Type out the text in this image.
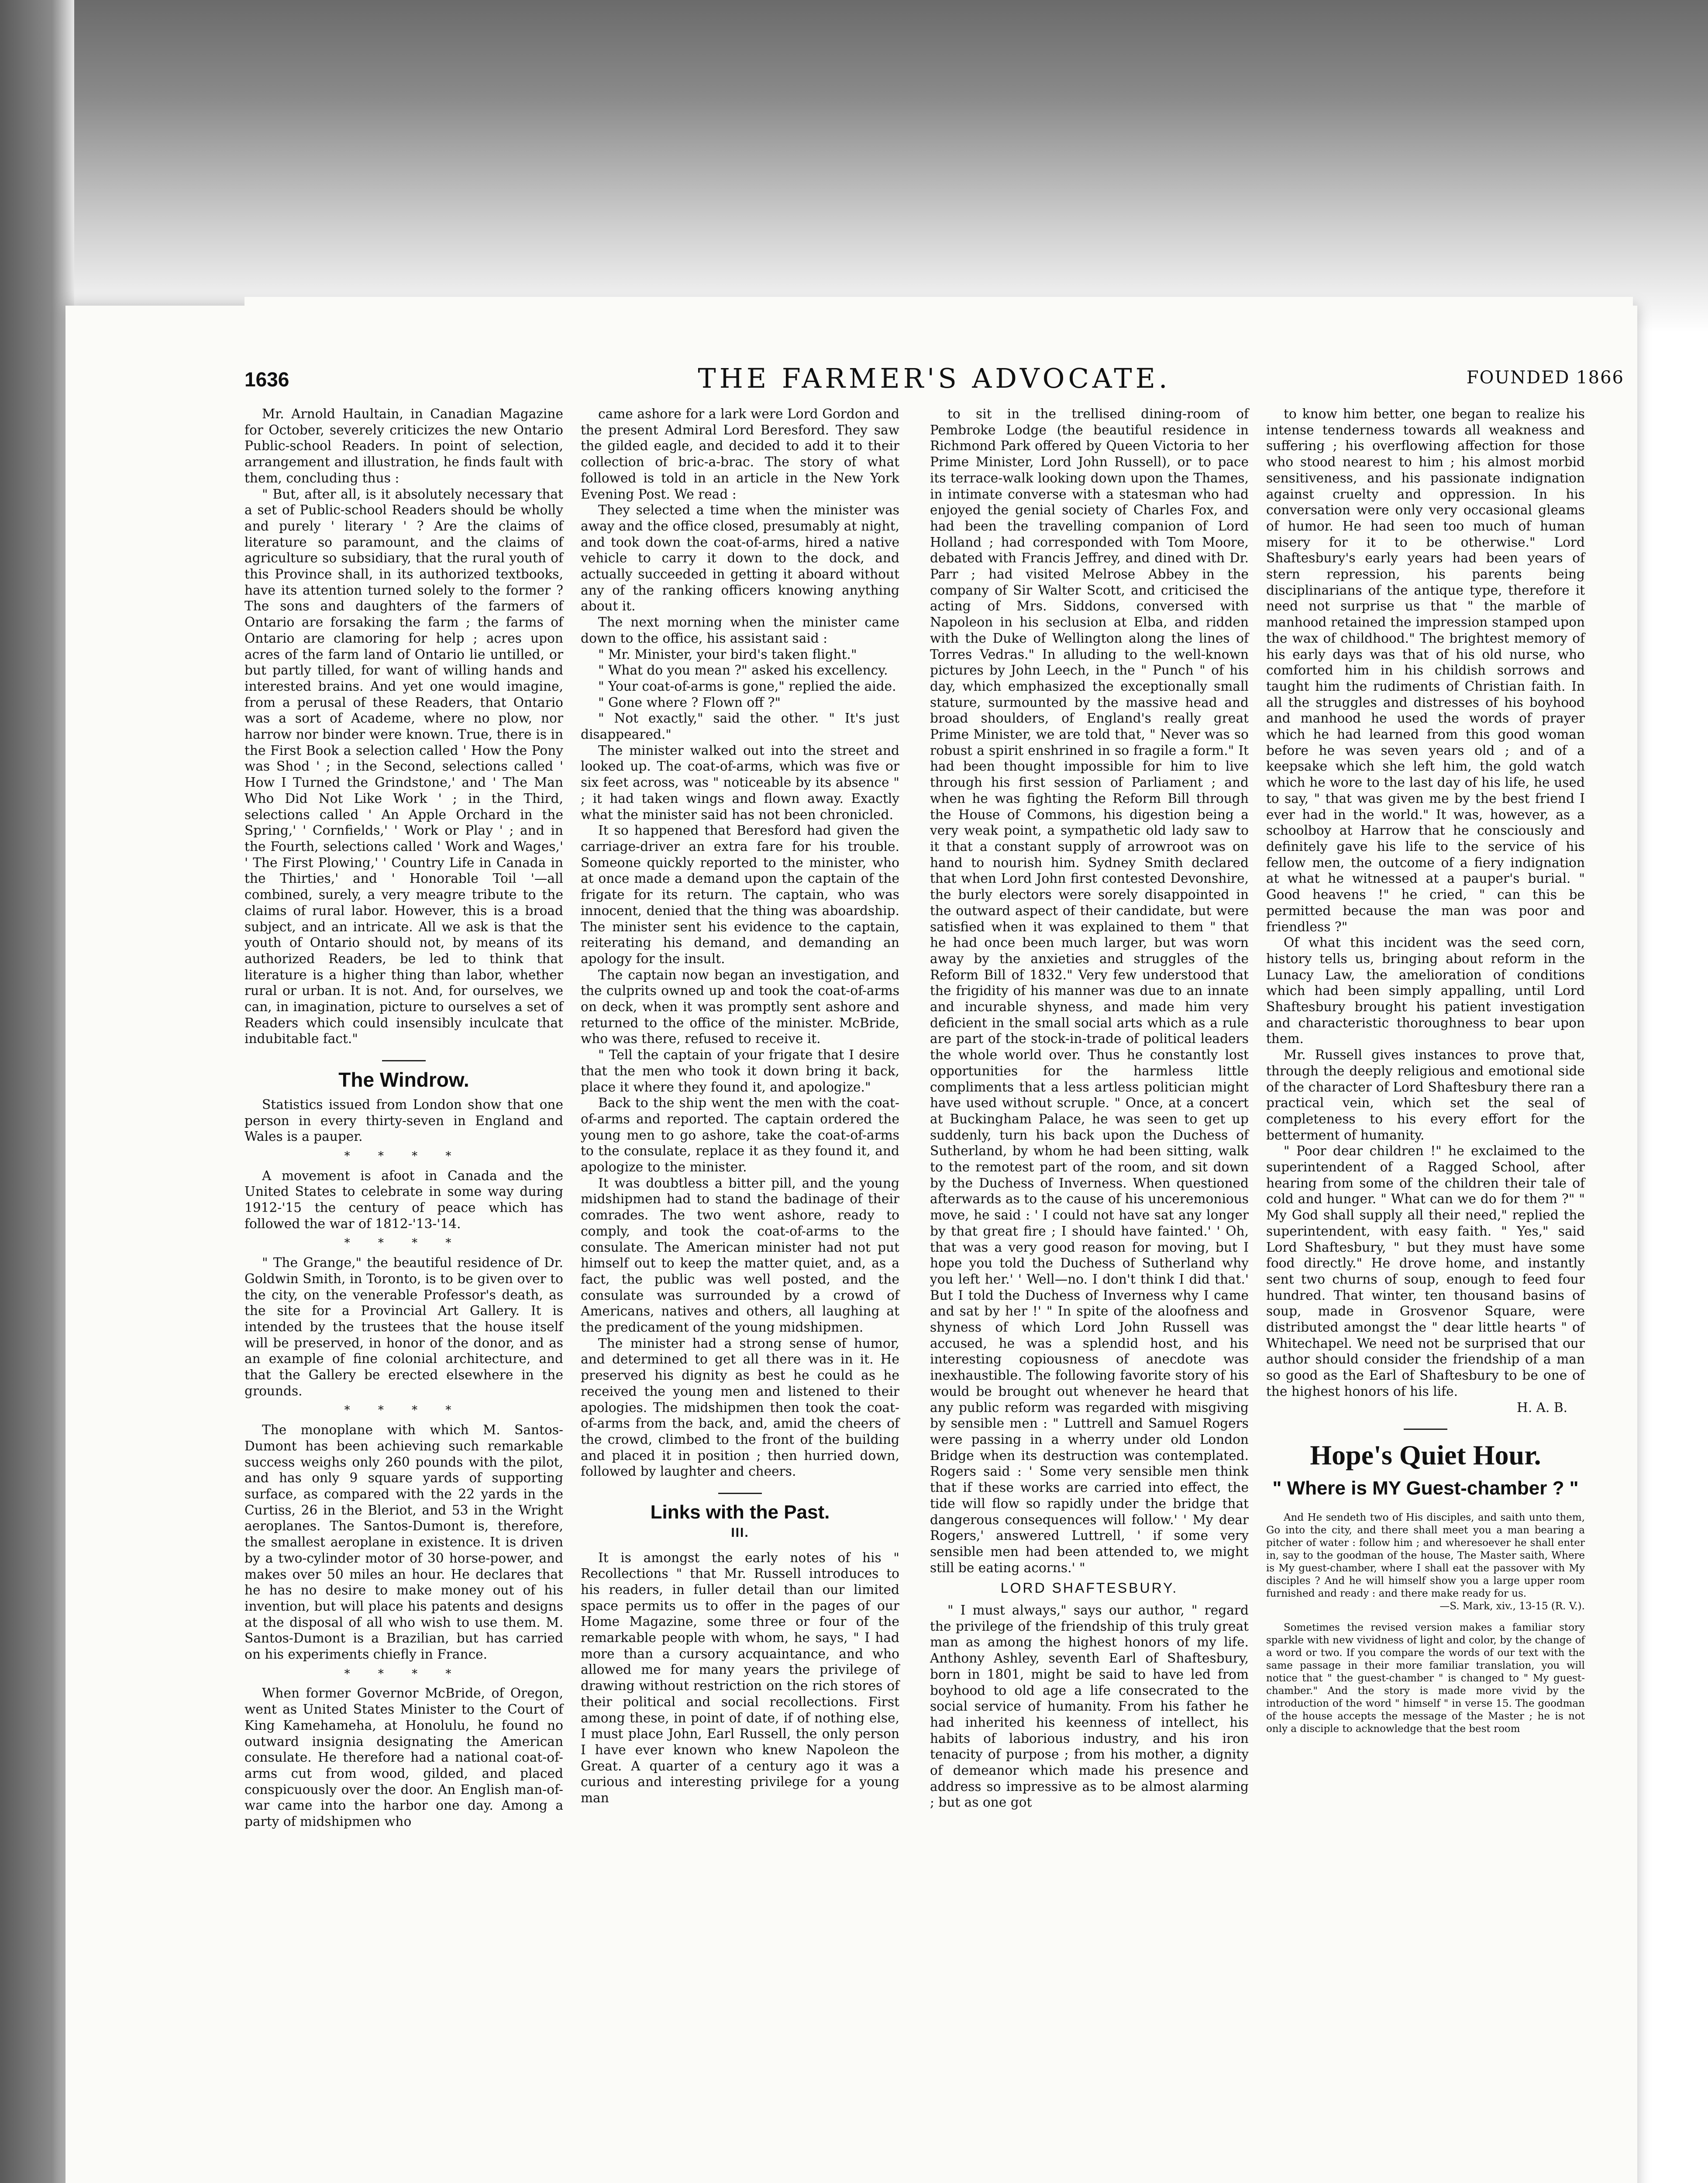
1636	THE FARMER'S ADVOCATE.	FOUNDED 1866

Mr. Arnold Haultain, in Canadian Magazine for October, severely criticizes the new Ontario Public-school Readers. In point of selection, arrangement and illustration, he finds fault with them, concluding thus :

" But, after all, is it absolutely necessary that a set of Public-school Readers should be wholly and purely ' literary ' ? Are the claims of literature so paramount, and the claims of agriculture so subsidiary, that the rural youth of this Province shall, in its authorized textbooks, have its attention turned solely to the former ? The sons and daughters of the farmers of Ontario are forsaking the farm ; the farms of Ontario are clamoring for help ; acres upon acres of the farm land of Ontario lie untilled, or but partly tilled, for want of willing hands and interested brains. And yet one would imagine, from a perusal of these Readers, that Ontario was a sort of Academe, where no plow, nor harrow nor binder were known. True, there is in the First Book a selection called ' How the Pony was Shod ' ; in the Second, selections called ' How I Turned the Grindstone,' and ' The Man Who Did Not Like Work ' ; in the Third, selections called ' An Apple Orchard in the Spring,' ' Cornfields,' ' Work or Play ' ; and in the Fourth, selections called ' Work and Wages,' ' The First Plowing,' ' Country Life in Canada in the Thirties,' and ' Honorable Toil '—all combined, surely, a very meagre tribute to the claims of rural labor. However, this is a broad subject, and an intricate. All we ask is that the youth of Ontario should not, by means of its authorized Readers, be led to think that literature is a higher thing than labor, whether rural or urban. It is not. And, for ourselves, we can, in imagination, picture to ourselves a set of Readers which could insensibly inculcate that indubitable fact."

The Windrow.

Statistics issued from London show that one person in every thirty-seven in England and Wales is a pauper.

* * * *

A movement is afoot in Canada and the United States to celebrate in some way during 1912-'15 the century of peace which has followed the war of 1812-'13-'14.

* * * *

" The Grange," the beautiful residence of Dr. Goldwin Smith, in Toronto, is to be given over to the city, on the venerable Professor's death, as the site for a Provincial Art Gallery. It is intended by the trustees that the house itself will be preserved, in honor of the donor, and as an example of fine colonial architecture, and that the Gallery be erected elsewhere in the grounds.

* * * *

The monoplane with which M. Santos-Dumont has been achieving such remarkable success weighs only 260 pounds with the pilot, and has only 9 square yards of supporting surface, as compared with the 22 yards in the Curtiss, 26 in the Bleriot, and 53 in the Wright aeroplanes. The Santos-Dumont is, therefore, the smallest aeroplane in existence. It is driven by a two-cylinder motor of 30 horse-power, and makes over 50 miles an hour. He declares that he has no desire to make money out of his invention, but will place his patents and designs at the disposal of all who wish to use them. M. Santos-Dumont is a Brazilian, but has carried on his experiments chiefly in France.

* * * *

When former Governor McBride, of Oregon, went as United States Minister to the Court of King Kamehameha, at Honolulu, he found no outward insignia designating the American consulate. He therefore had a national coat-of-arms cut from wood, gilded, and placed conspicuously over the door. An English man-of-war came into the harbor one day. Among a party of midshipmen who

came ashore for a lark were Lord Gordon and the present Admiral Lord Beresford. They saw the gilded eagle, and decided to add it to their collection of bric-a-brac. The story of what followed is told in an article in the New York Evening Post. We read :

They selected a time when the minister was away and the office closed, presumably at night, and took down the coat-of-arms, hired a native vehicle to carry it down to the dock, and actually succeeded in getting it aboard without any of the ranking officers knowing anything about it.

The next morning when the minister came down to the office, his assistant said :

" Mr. Minister, your bird's taken flight."

" What do you mean ?" asked his excellency.

" Your coat-of-arms is gone," replied the aide.

" Gone where ? Flown off ?"

" Not exactly," said the other. " It's just disappeared."

The minister walked out into the street and looked up. The coat-of-arms, which was five or six feet across, was " noticeable by its absence " ; it had taken wings and flown away. Exactly what the minister said has not been chronicled.

It so happened that Beresford had given the carriage-driver an extra fare for his trouble. Someone quickly reported to the minister, who at once made a demand upon the captain of the frigate for its return. The captain, who was innocent, denied that the thing was aboardship. The minister sent his evidence to the captain, reiterating his demand, and demanding an apology for the insult.

The captain now began an investigation, and the culprits owned up and took the coat-of-arms on deck, when it was promptly sent ashore and returned to the office of the minister. McBride, who was there, refused to receive it.

" Tell the captain of your frigate that I desire that the men who took it down bring it back, place it where they found it, and apologize."

Back to the ship went the men with the coat-of-arms and reported. The captain ordered the young men to go ashore, take the coat-of-arms to the consulate, replace it as they found it, and apologize to the minister.

It was doubtless a bitter pill, and the young midshipmen had to stand the badinage of their comrades. The two went ashore, ready to comply, and took the coat-of-arms to the consulate. The American minister had not put himself out to keep the matter quiet, and, as a fact, the public was well posted, and the consulate was surrounded by a crowd of Americans, natives and others, all laughing at the predicament of the young midshipmen.

The minister had a strong sense of humor, and determined to get all there was in it. He preserved his dignity as best he could as he received the young men and listened to their apologies. The midshipmen then took the coat-of-arms from the back, and, amid the cheers of the crowd, climbed to the front of the building and placed it in position ; then hurried down, followed by laughter and cheers.

Links with the Past.
III.

It is amongst the early notes of his " Recollections " that Mr. Russell introduces to his readers, in fuller detail than our limited space permits us to offer in the pages of our Home Magazine, some three or four of the remarkable people with whom, he says, " I had more than a cursory acquaintance, and who allowed me for many years the privilege of drawing without restriction on the rich stores of their political and social recollections. First among these, in point of date, if of nothing else, I must place John, Earl Russell, the only person I have ever known who knew Napoleon the Great. A quarter of a century ago it was a curious and interesting privilege for a young man

to sit in the trellised dining-room of Pembroke Lodge (the beautiful residence in Richmond Park offered by Queen Victoria to her Prime Minister, Lord John Russell), or to pace its terrace-walk looking down upon the Thames, in intimate converse with a statesman who had enjoyed the genial society of Charles Fox, and had been the travelling companion of Lord Holland ; had corresponded with Tom Moore, debated with Francis Jeffrey, and dined with Dr. Parr ; had visited Melrose Abbey in the company of Sir Walter Scott, and criticised the acting of Mrs. Siddons, conversed with Napoleon in his seclusion at Elba, and ridden with the Duke of Wellington along the lines of Torres Vedras." In alluding to the well-known pictures by John Leech, in the " Punch " of his day, which emphasized the exceptionally small stature, surmounted by the massive head and broad shoulders, of England's really great Prime Minister, we are told that, " Never was so robust a spirit enshrined in so fragile a form." It had been thought impossible for him to live through his first session of Parliament ; and when he was fighting the Reform Bill through the House of Commons, his digestion being a very weak point, a sympathetic old lady saw to it that a constant supply of arrowroot was on hand to nourish him. Sydney Smith declared that when Lord John first contested Devonshire, the burly electors were sorely disappointed in the outward aspect of their candidate, but were satisfied when it was explained to them " that he had once been much larger, but was worn away by the anxieties and struggles of the Reform Bill of 1832." Very few understood that the frigidity of his manner was due to an innate and incurable shyness, and made him very deficient in the small social arts which as a rule are part of the stock-in-trade of political leaders the whole world over. Thus he constantly lost opportunities for the harmless little compliments that a less artless politician might have used without scruple. " Once, at a concert at Buckingham Palace, he was seen to get up suddenly, turn his back upon the Duchess of Sutherland, by whom he had been sitting, walk to the remotest part of the room, and sit down by the Duchess of Inverness. When questioned afterwards as to the cause of his unceremonious move, he said : ' I could not have sat any longer by that great fire ; I should have fainted.' ' Oh, that was a very good reason for moving, but I hope you told the Duchess of Sutherland why you left her.' ' Well—no. I don't think I did that.' But I told the Duchess of Inverness why I came and sat by her !' " In spite of the aloofness and shyness of which Lord John Russell was accused, he was a splendid host, and his interesting copiousness of anecdote was inexhaustible. The following favorite story of his would be brought out whenever he heard that any public reform was regarded with misgiving by sensible men : " Luttrell and Samuel Rogers were passing in a wherry under old London Bridge when its destruction was contemplated. Rogers said : ' Some very sensible men think that if these works are carried into effect, the tide will flow so rapidly under the bridge that dangerous consequences will follow.' ' My dear Rogers,' answered Luttrell, ' if some very sensible men had been attended to, we might still be eating acorns.' "

LORD SHAFTESBURY.

" I must always," says our author, " regard the privilege of the friendship of this truly great man as among the highest honors of my life. Anthony Ashley, seventh Earl of Shaftesbury, born in 1801, might be said to have led from boyhood to old age a life consecrated to the social service of humanity. From his father he had inherited his keenness of intellect, his habits of laborious industry, and his iron tenacity of purpose ; from his mother, a dignity of demeanor which made his presence and address so impressive as to be almost alarming ; but as one got

to know him better, one began to realize his intense tenderness towards all weakness and suffering ; his overflowing affection for those who stood nearest to him ; his almost morbid sensitiveness, and his passionate indignation against cruelty and oppression. In his conversation were only very occasional gleams of humor. He had seen too much of human misery for it to be otherwise." Lord Shaftesbury's early years had been years of stern repression, his parents being disciplinarians of the antique type, therefore it need not surprise us that " the marble of manhood retained the impression stamped upon the wax of childhood." The brightest memory of his early days was that of his old nurse, who comforted him in his childish sorrows and taught him the rudiments of Christian faith. In all the struggles and distresses of his boyhood and manhood he used the words of prayer which he had learned from this good woman before he was seven years old ; and of a keepsake which she left him, the gold watch which he wore to the last day of his life, he used to say, " that was given me by the best friend I ever had in the world." It was, however, as a schoolboy at Harrow that he consciously and definitely gave his life to the service of his fellow men, the outcome of a fiery indignation at what he witnessed at a pauper's burial. " Good heavens !" he cried, " can this be permitted because the man was poor and friendless ?"

Of what this incident was the seed corn, history tells us, bringing about reform in the Lunacy Law, the amelioration of conditions which had been simply appalling, until Lord Shaftesbury brought his patient investigation and characteristic thoroughness to bear upon them.

Mr. Russell gives instances to prove that, through the deeply religious and emotional side of the character of Lord Shaftesbury there ran a practical vein, which set the seal of completeness to his every effort for the betterment of humanity.

" Poor dear children !" he exclaimed to the superintendent of a Ragged School, after hearing from some of the children their tale of cold and hunger. " What can we do for them ?" " My God shall supply all their need," replied the superintendent, with easy faith. " Yes," said Lord Shaftesbury, " but they must have some food directly." He drove home, and instantly sent two churns of soup, enough to feed four hundred. That winter, ten thousand basins of soup, made in Grosvenor Square, were distributed amongst the " dear little hearts " of Whitechapel. We need not be surprised that our author should consider the friendship of a man so good as the Earl of Shaftesbury to be one of the highest honors of his life.

H. A. B.
Hope's Quiet Hour.
" Where is MY Guest-chamber ? "

And He sendeth two of His disciples, and saith unto them, Go into the city, and there shall meet you a man bearing a pitcher of water : follow him ; and wheresoever he shall enter in, say to the goodman of the house, The Master saith, Where is My guest-chamber, where I shall eat the passover with My disciples ? And he will himself show you a large upper room furnished and ready : and there make ready for us.

—S. Mark, xiv., 13-15 (R. V.).

Sometimes the revised version makes a familiar story sparkle with new vividness of light and color, by the change of a word or two. If you compare the words of our text with the same passage in their more familiar translation, you will notice that " the guest-chamber " is changed to " My guest-chamber." And the story is made more vivid by the introduction of the word " himself " in verse 15. The goodman of the house accepts the message of the Master ; he is not only a disciple to acknowledge that the best room
